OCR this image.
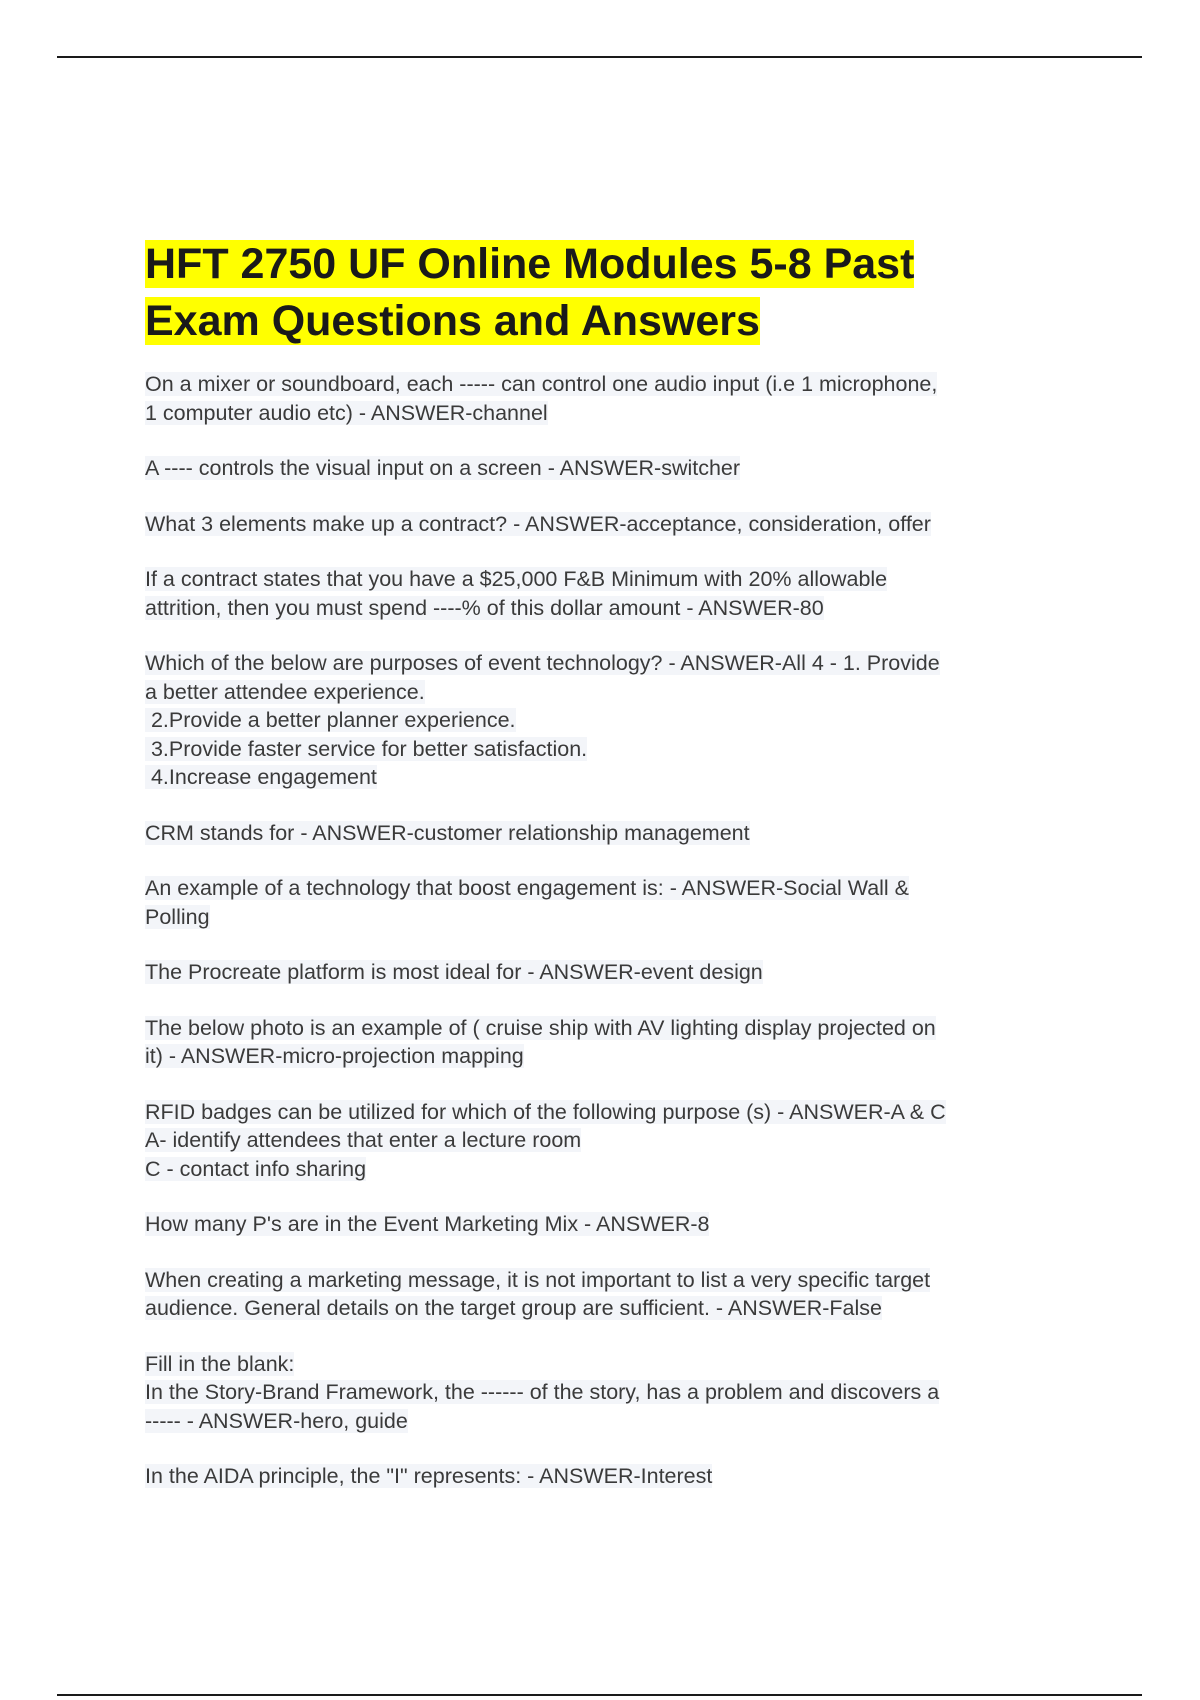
HFT 2750 UF Online Modules 5-8 Past
Exam Questions and Answers
On a mixer or soundboard, each ----- can control one audio input (i.e 1 microphone,
1 computer audio etc) - ANSWER-channel
A ---- controls the visual input on a screen - ANSWER-switcher
What 3 elements make up a contract? - ANSWER-acceptance, consideration, offer
If a contract states that you have a $25,000 F&B Minimum with 20% allowable
attrition, then you must spend ----% of this dollar amount - ANSWER-80
Which of the below are purposes of event technology? - ANSWER-All 4 - 1. Provide
a better attendee experience.
2.Provide a better planner experience.
3.Provide faster service for better satisfaction.
4.Increase engagement
CRM stands for - ANSWER-customer relationship management
An example of a technology that boost engagement is: - ANSWER-Social Wall &
Polling
The Procreate platform is most ideal for - ANSWER-event design
The below photo is an example of ( cruise ship with AV lighting display projected on
it) - ANSWER-micro-projection mapping
RFID badges can be utilized for which of the following purpose (s) - ANSWER-A & C
A- identify attendees that enter a lecture room
C - contact info sharing
How many P's are in the Event Marketing Mix - ANSWER-8
When creating a marketing message, it is not important to list a very specific target
audience. General details on the target group are sufficient. - ANSWER-False
Fill in the blank:
In the Story-Brand Framework, the ------ of the story, has a problem and discovers a
----- - ANSWER-hero, guide
In the AIDA principle, the "I" represents: - ANSWER-Interest
